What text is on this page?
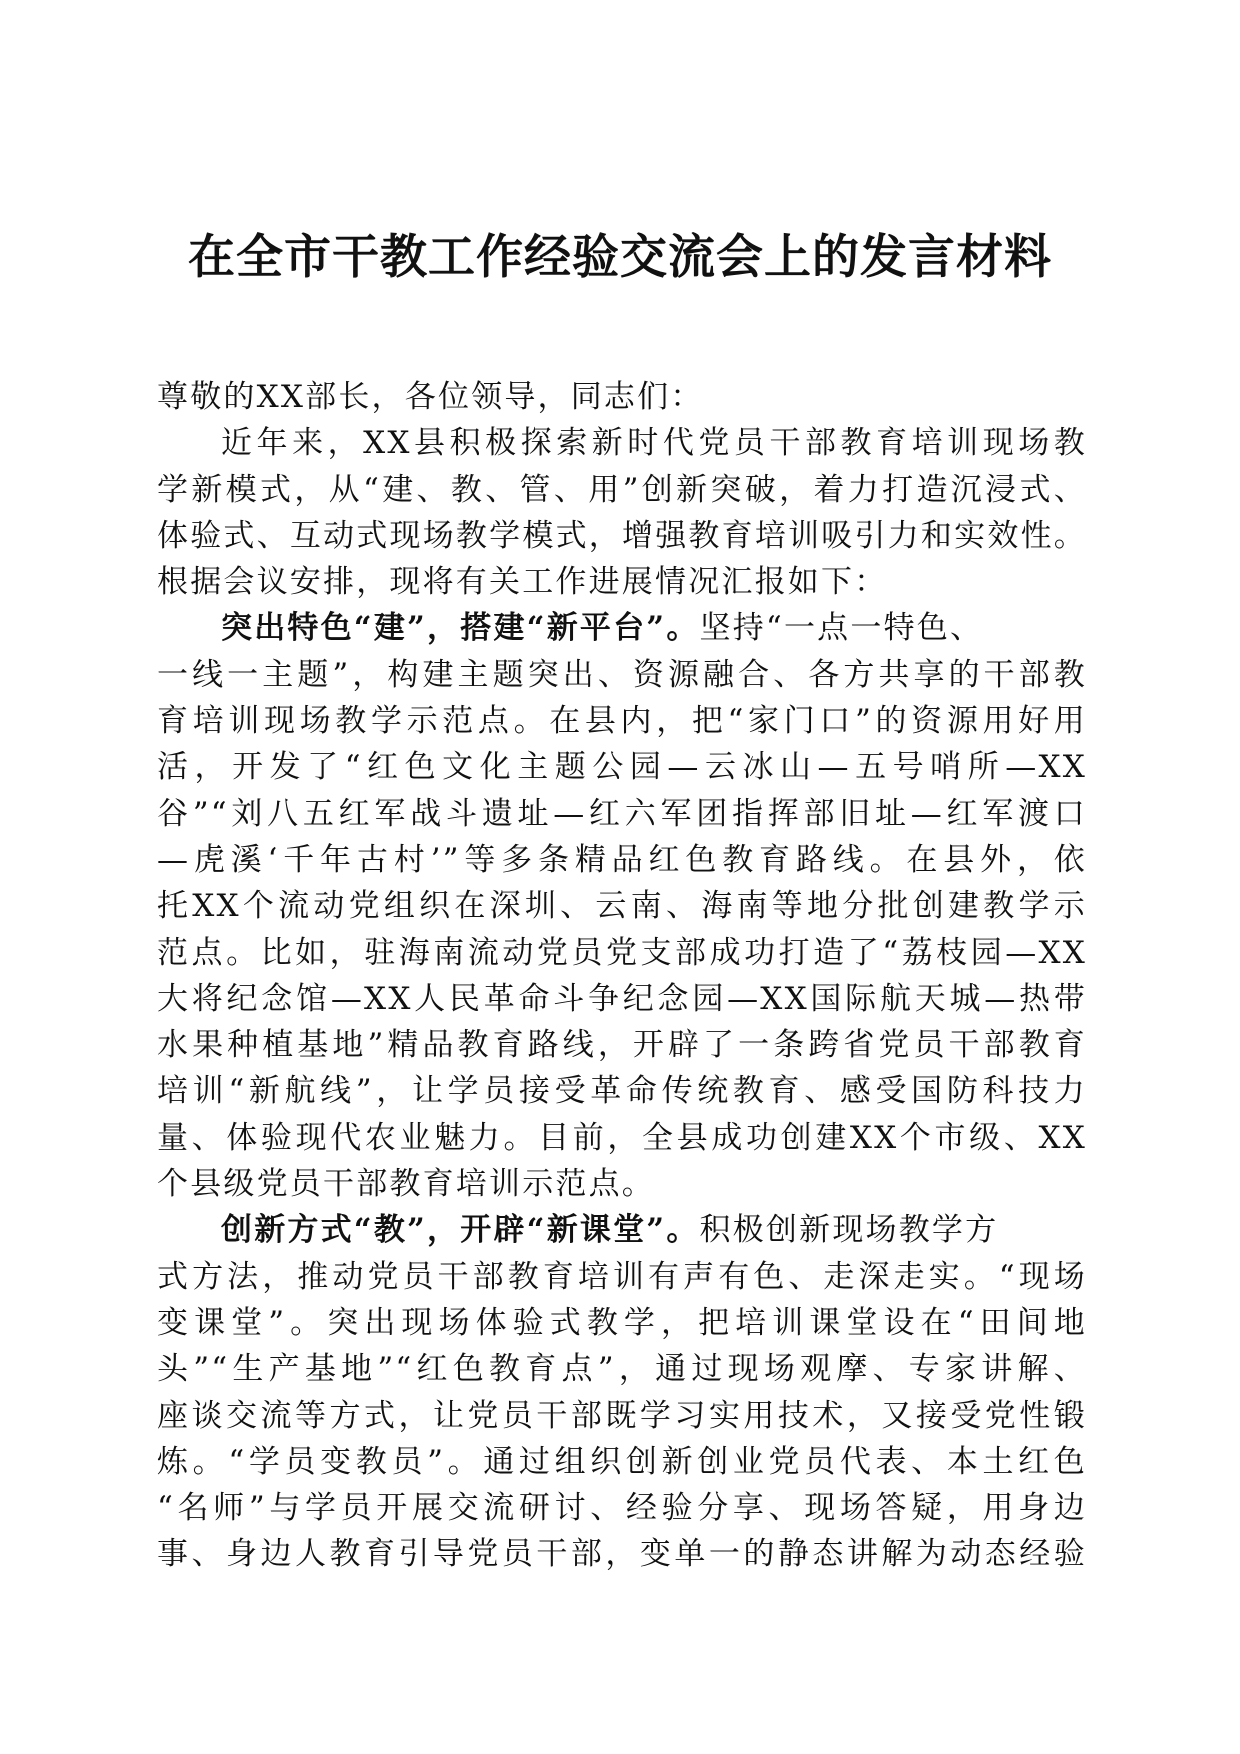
在全市干教工作经验交流会上的发言材料
尊敬的XX部长，各位领导，同志们：
近年来，XX县积极探索新时代党员干部教育培训现场教
学新模式，从“建、教、管、用”创新突破，着力打造沉浸式、
体验式、互动式现场教学模式，增强教育培训吸引力和实效性。
根据会议安排，现将有关工作进展情况汇报如下：
突出特色“建”，搭建“新平台”。坚持“一点一特色、
一线一主题”，构建主题突出、资源融合、各方共享的干部教
育培训现场教学示范点。在县内，把“家门口”的资源用好用
活，开发了“红色文化主题公园—云冰山—五号哨所—XX
谷”“刘八五红军战斗遗址—红六军团指挥部旧址—红军渡口
—虎溪‘千年古村’”等多条精品红色教育路线。在县外，依
托XX个流动党组织在深圳、云南、海南等地分批创建教学示
范点。比如，驻海南流动党员党支部成功打造了“荔枝园—XX
大将纪念馆—XX人民革命斗争纪念园—XX国际航天城—热带
水果种植基地”精品教育路线，开辟了一条跨省党员干部教育
培训“新航线”，让学员接受革命传统教育、感受国防科技力
量、体验现代农业魅力。目前，全县成功创建XX个市级、XX
个县级党员干部教育培训示范点。
创新方式“教”，开辟“新课堂”。积极创新现场教学方
式方法，推动党员干部教育培训有声有色、走深走实。“现场
变课堂”。突出现场体验式教学，把培训课堂设在“田间地
头”“生产基地”“红色教育点”，通过现场观摩、专家讲解、
座谈交流等方式，让党员干部既学习实用技术，又接受党性锻
炼。“学员变教员”。通过组织创新创业党员代表、本土红色
“名师”与学员开展交流研讨、经验分享、现场答疑，用身边
事、身边人教育引导党员干部，变单一的静态讲解为动态经验
